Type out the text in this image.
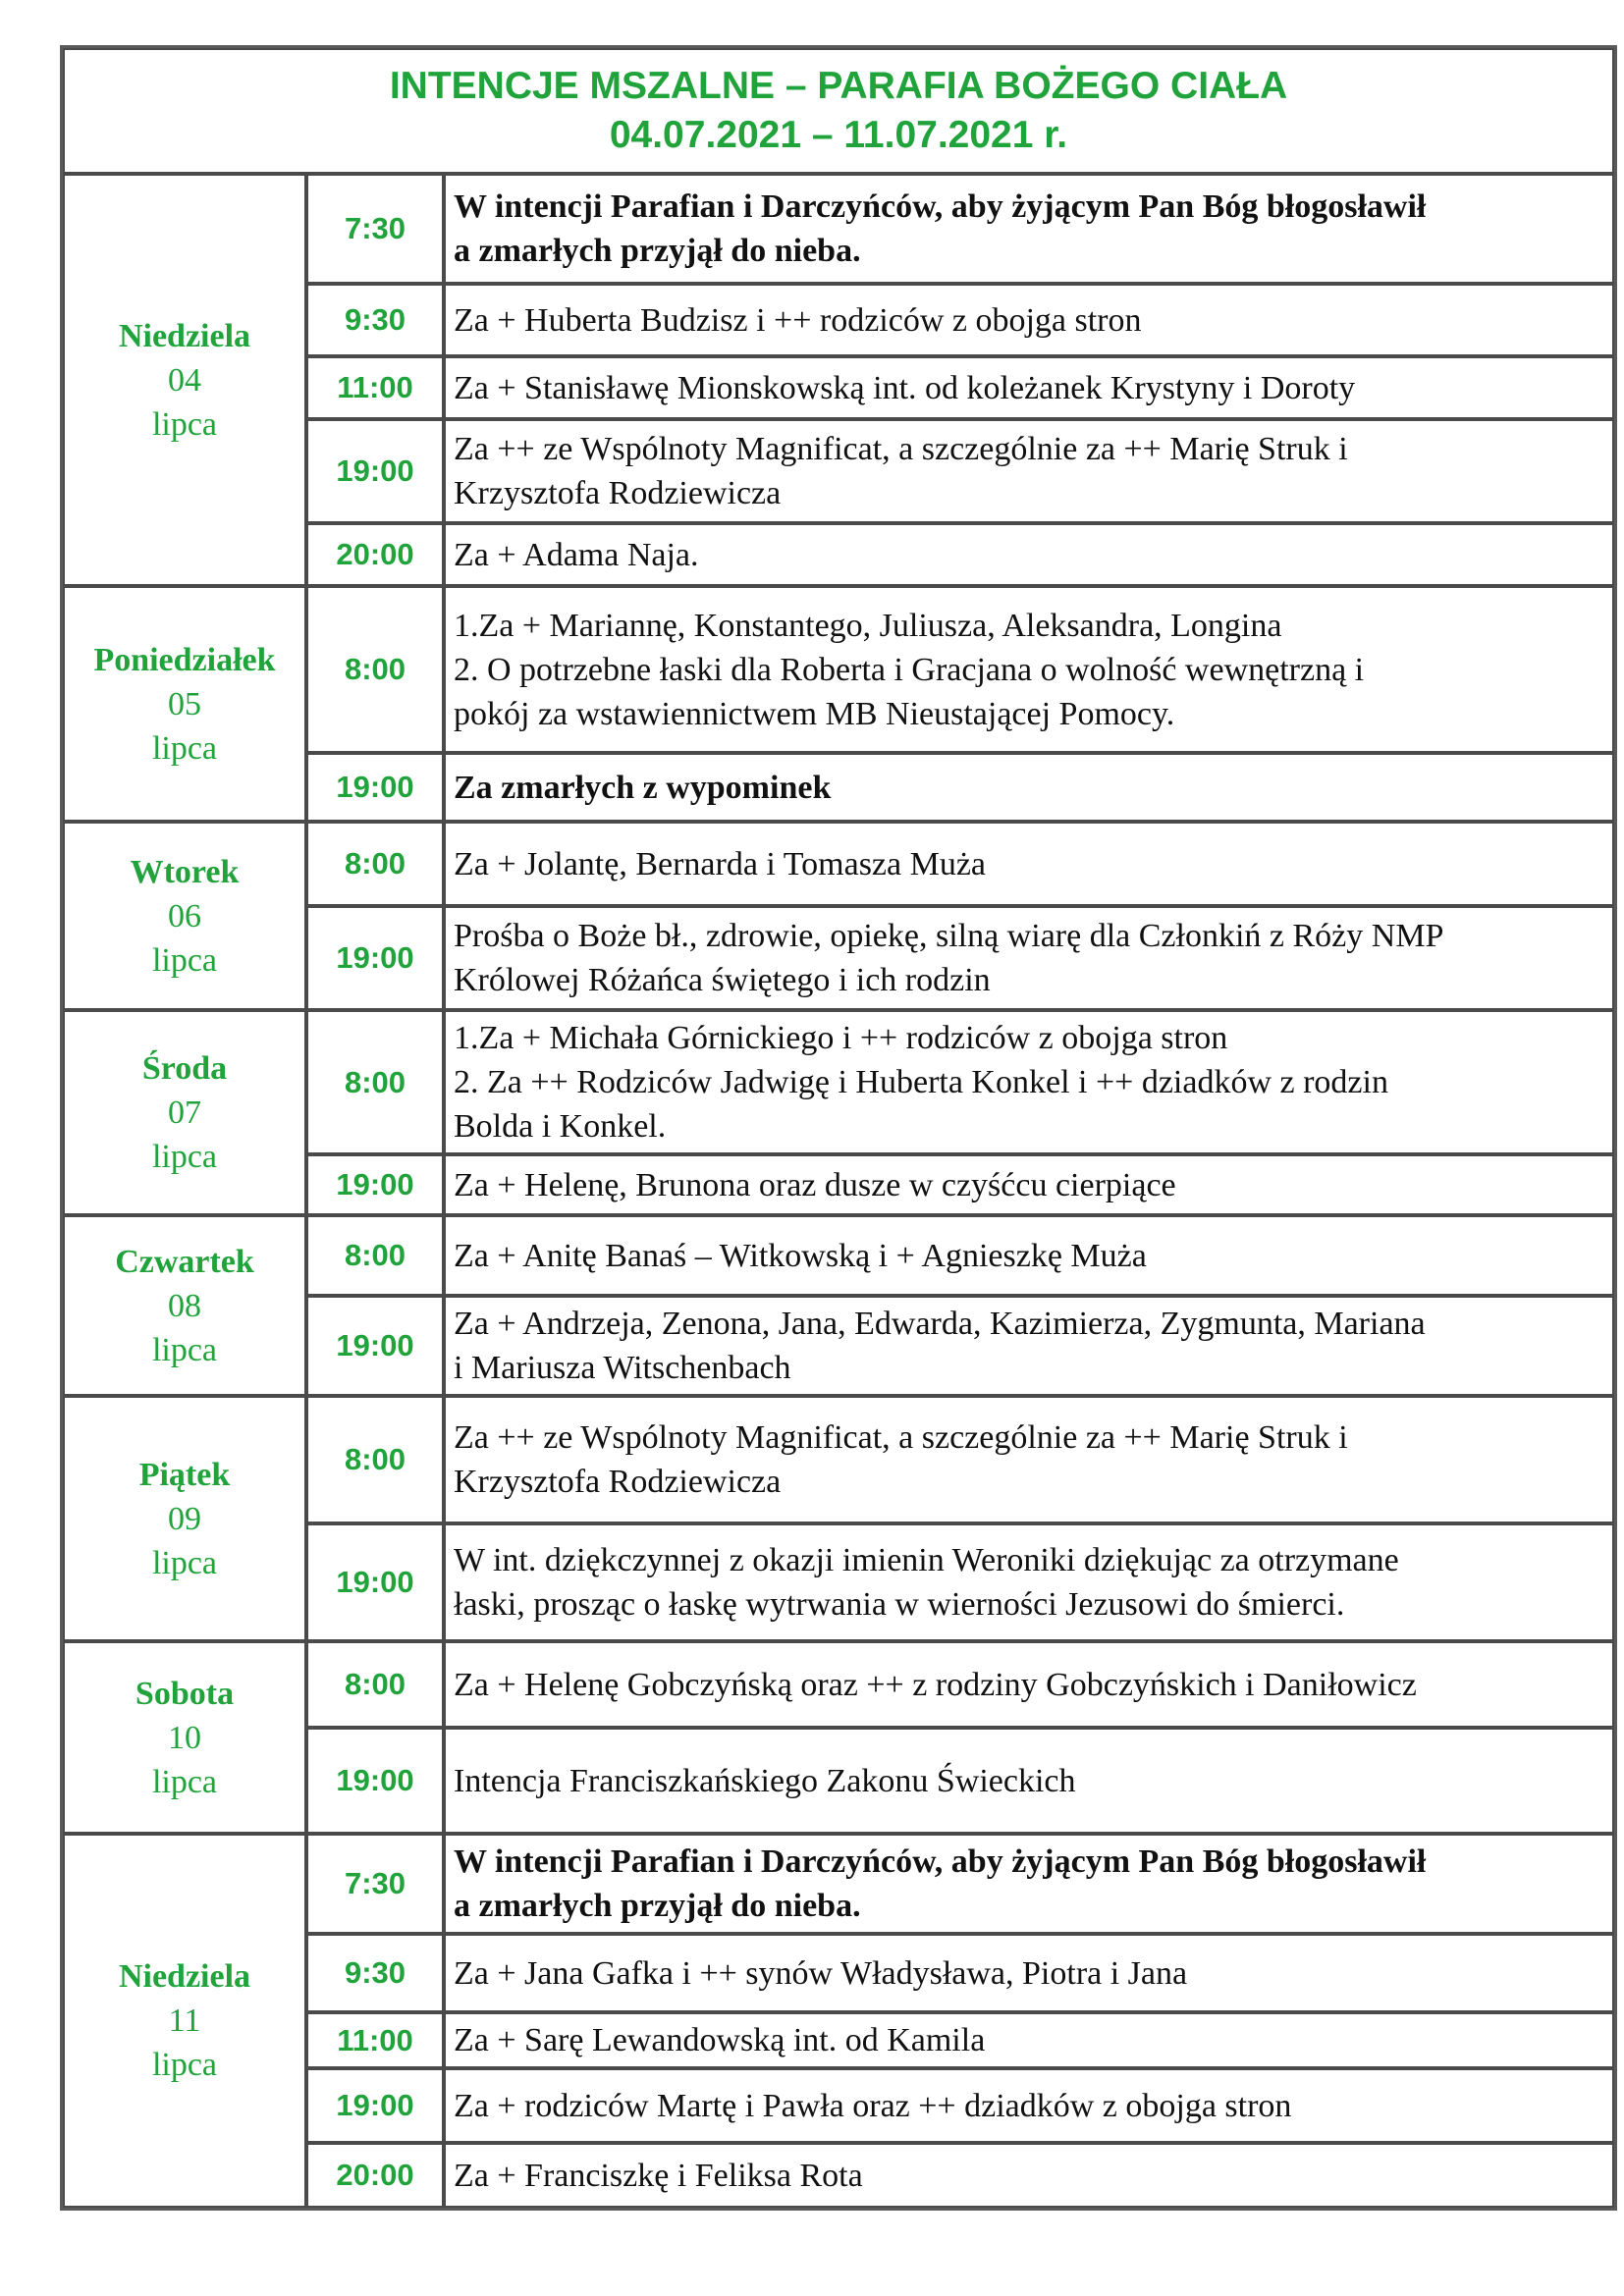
INTENCJE MSZALNE – PARAFIA BOŻEGO CIAŁA
04.07.2021 – 11.07.2021 r.		

Niedziela
04
lipca	7:30	W intencji Parafian i Darczyńców, aby żyjącym Pan Bóg błogosławił
a zmarłych przyjął do nieba.

	9:30	Za + Huberta Budzisz i ++ rodziców z obojga stron

	11:00	Za + Stanisławę Mionskowską int. od koleżanek Krystyny i Doroty

	19:00	Za ++ ze Wspólnoty Magnificat, a szczególnie za ++ Marię Struk i
Krzysztofa Rodziewicza

	20:00	Za + Adama Naja.

Poniedziałek
05
lipca	8:00	1.Za + Mariannę, Konstantego, Juliusza, Aleksandra, Longina
2. O potrzebne łaski dla Roberta i Gracjana o wolność wewnętrzną i
pokój za wstawiennictwem MB Nieustającej Pomocy.

	19:00	Za zmarłych z wypominek

Wtorek
06
lipca	8:00	Za + Jolantę, Bernarda i Tomasza Muża

	19:00	Prośba o Boże bł., zdrowie, opiekę, silną wiarę dla Członkiń z Róży NMP
Królowej Różańca świętego i ich rodzin

Środa
07
lipca	8:00	1.Za + Michała Górnickiego i ++ rodziców z obojga stron
2. Za ++ Rodziców Jadwigę i Huberta Konkel i ++ dziadków z rodzin
Bolda i Konkel.

	19:00	Za + Helenę, Brunona oraz dusze w czyśćcu cierpiące

Czwartek
08
lipca	8:00	Za + Anitę Banaś – Witkowską i + Agnieszkę Muża

	19:00	Za + Andrzeja, Zenona, Jana, Edwarda, Kazimierza, Zygmunta, Mariana
i Mariusza Witschenbach

Piątek
09
lipca	8:00	Za ++ ze Wspólnoty Magnificat, a szczególnie za ++ Marię Struk i
Krzysztofa Rodziewicza

	19:00	W int. dziękczynnej z okazji imienin Weroniki dziękując za otrzymane
łaski, prosząc o łaskę wytrwania w wierności Jezusowi do śmierci.

Sobota
10
lipca	8:00	Za + Helenę Gobczyńską oraz ++ z rodziny Gobczyńskich i Daniłowicz

	19:00	Intencja Franciszkańskiego Zakonu Świeckich

Niedziela
11
lipca	7:30	W intencji Parafian i Darczyńców, aby żyjącym Pan Bóg błogosławił
a zmarłych przyjął do nieba.

	9:30	Za + Jana Gafka i ++ synów Władysława, Piotra i Jana

	11:00	Za + Sarę Lewandowską int. od Kamila

	19:00	Za + rodziców Martę i Pawła oraz ++ dziadków z obojga stron

	20:00	Za + Franciszkę i Feliksa Rota
